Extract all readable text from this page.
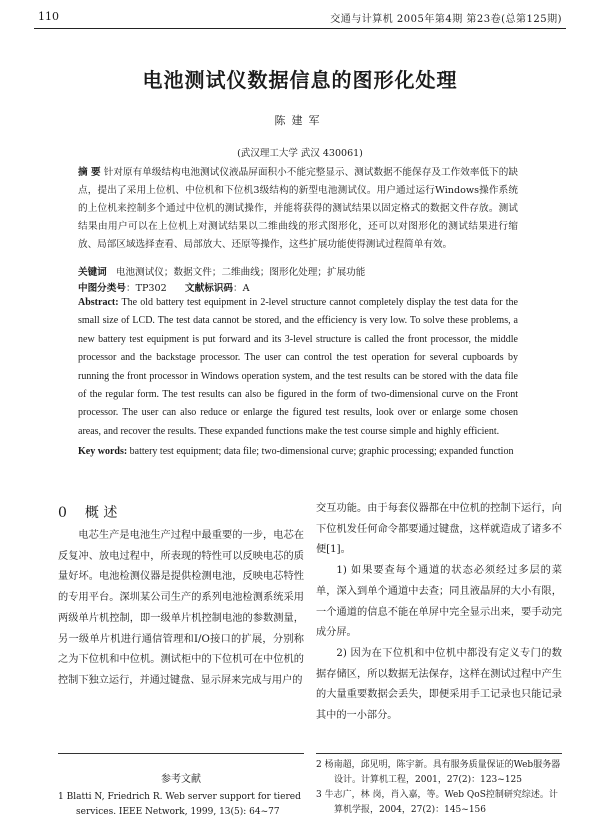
110	交通与计算机 2005年第4期 第23卷(总第125期)
电池测试仪数据信息的图形化处理
陈建军
(武汉理工大学 武汉 430061)
摘 要 针对原有单级结构电池测试仪液晶屏面积小不能完整显示、测试数据不能保存及工作效率低下的缺点，提出了采用上位机、中位机和下位机3级结构的新型电池测试仪。用户通过运行Windows操作系统的上位机来控制多个通过中位机的测试操作，并能将获得的测试结果以固定格式的数据文件存放。测试结果由用户可以在上位机上对测试结果以二维曲线的形式图形化，还可以对图形化的测试结果进行缩放、局部区域选择查看、局部放大、还原等操作，这些扩展功能使得测试过程简单有效。
关键词 电池测试仪；数据文件；二维曲线；图形化处理；扩展功能
中图分类号：TP302 文献标识码：A
Abstract: The old battery test equipment in 2-level structure cannot completely display the test data for the small size of LCD. The test data cannot be stored, and the efficiency is very low. To solve these problems, a new battery test equipment is put forward and its 3-level structure is called the front processor, the middle processor and the backstage processor. The user can control the test operation for several cupboards by running the front processor in Windows operation system, and the test results can be stored with the data file of the regular form. The test results can also be figured in the form of two-dimensional curve on the Front processor. The user can also reduce or enlarge the figured test results, look over or enlarge some chosen areas, and recover the results. These expanded functions make the test course simple and highly efficient.
Key words: battery test equipment; data file; two-dimensional curve; graphic processing; expanded function
0 概 述
电芯生产是电池生产过程中最重要的一步，电芯在反复冲、放电过程中，所表现的特性可以反映电芯的质量好坏。电池检测仪器是提供检测电池，反映电芯特性的专用平台。深圳某公司生产的系列电池检测系统采用两级单片机控制，即一级单片机控制电池的参数测量，另一级单片机进行通信管理和I/O接口的扩展，分别称之为下位机和中位机。测试柜中的下位机可在中位机的控制下独立运行，并通过键盘、显示屏来完成与用户的

交互功能。由于每套仪器都在中位机的控制下运行，向下位机发任何命令都要通过键盘，这样就造成了诸多不便[1]。

1) 如果要查每个通道的状态必须经过多层的菜单，深入到单个通道中去查；同且液晶屏的大小有限，一个通道的信息不能在单屏中完全显示出来，要手动完成分屏。

2) 因为在下位机和中位机中都没有定义专门的数据存储区，所以数据无法保存，这样在测试过程中产生的大量重要数据会丢失，即便采用手工记录也只能记录其中的一小部分。

参考文献
1 Blatti N, Friedrich R. Web server support for tiered services. IEEE Network, 1999, 13(5): 64~77
2 杨南超，邱见明，陈宇新。具有服务质量保证的Web服务器设计。计算机工程，2001，27(2)：123~125
3 牛志广，林 岗，肖入嘉，等。Web QoS控制研究综述。计算机学报，2004，27(2)：145~156
